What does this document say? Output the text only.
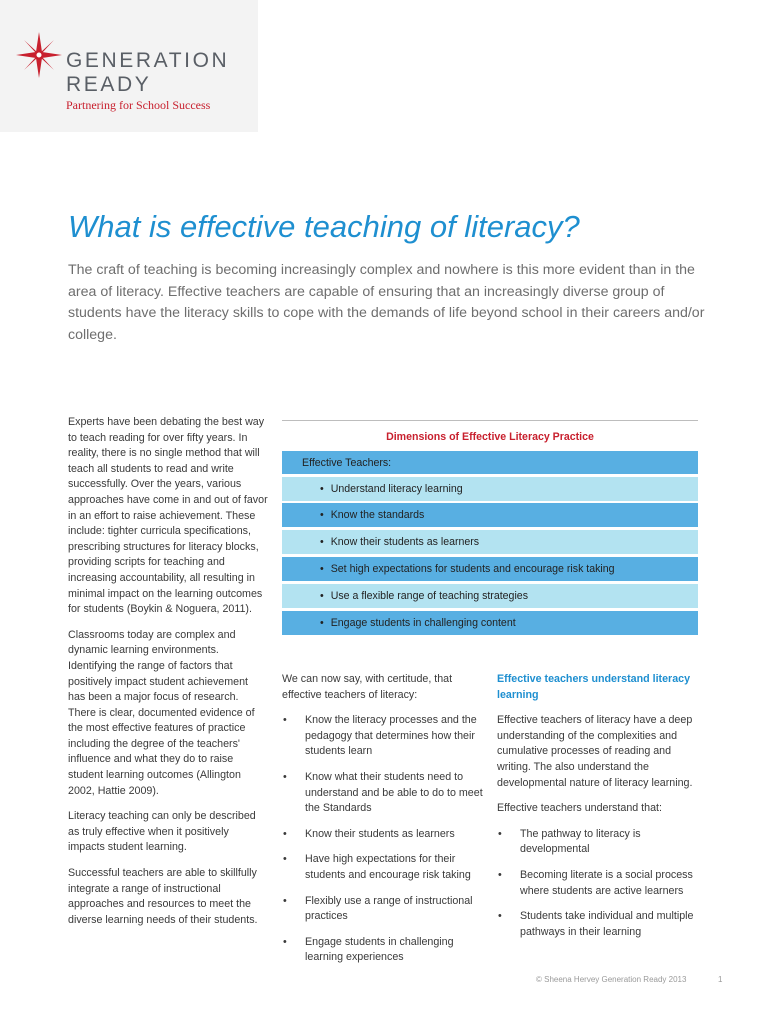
GENERATION
READY
Partnering for School Success
What is effective teaching of literacy?
The craft of teaching is becoming increasingly complex and nowhere is this more evident than in the area of literacy. Effective teachers are capable of ensuring that an increasingly diverse group of students have the literacy skills to cope with the demands of life beyond school in their careers and/or college.

Experts have been debating the best way to teach reading for over fifty years. In reality, there is no single method that will teach all students to read and write successfully. Over the years, various approaches have come in and out of favor in an effort to raise achievement. These include: tighter curricula specifications, prescribing structures for literacy blocks, providing scripts for teaching and increasing accountability, all resulting in minimal impact on the learning outcomes for students (Boykin & Noguera, 2011).

Classrooms today are complex and dynamic learning environments. Identifying the range of factors that positively impact student achievement has been a major focus of research. There is clear, documented evidence of the most effective features of practice including the degree of the teachers' influence and what they do to raise student learning outcomes (Allington 2002, Hattie 2009).

Literacy teaching can only be described as truly effective when it positively impacts student learning.

Successful teachers are able to skillfully integrate a range of instructional approaches and resources to meet the diverse learning needs of their students.

Dimensions of Effective Literacy Practice
Effective Teachers:
• Understand literacy learning
• Know the standards
• Know their students as learners
• Set high expectations for students and encourage risk taking
• Use a flexible range of teaching strategies
• Engage students in challenging content

We can now say, with certitude, that effective teachers of literacy:

• Know the literacy processes and the pedagogy that determines how their students learn
• Know what their students need to understand and be able to do to meet the Standards
• Know their students as learners
• Have high expectations for their students and encourage risk taking
• Flexibly use a range of instructional practices
• Engage students in challenging learning experiences
Effective teachers understand literacy learning

Effective teachers of literacy have a deep understanding of the complexities and cumulative processes of reading and writing. The also understand the developmental nature of literacy learning.

Effective teachers understand that:

• The pathway to literacy is developmental
• Becoming literate is a social process where students are active learners
• Students take individual and multiple pathways in their learning
© Sheena Hervey Generation Ready 2013	1
